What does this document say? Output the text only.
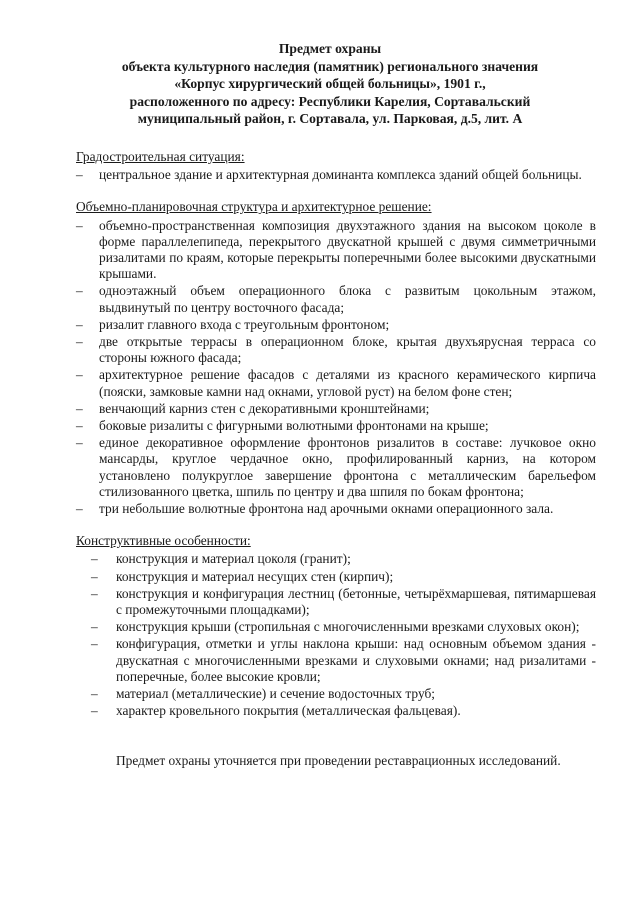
Предмет охраны
объекта культурного наследия (памятник) регионального значения
«Корпус хирургический общей больницы», 1901 г.,
расположенного по адресу: Республики Карелия, Сортавальский
муниципальный район, г. Сортавала, ул. Парковая, д.5, лит. А
Градостроительная ситуация:
– центральное здание и архитектурная доминанта комплекса зданий общей больницы.
Объемно-планировочная структура и архитектурное решение:
– объемно-пространственная композиция двухэтажного здания на высоком цоколе в форме параллелепипеда, перекрытого двускатной крышей с двумя симметричными ризалитами по краям, которые перекрыты поперечными более высокими двускатными крышами.
– одноэтажный объем операционного блока с развитым цокольным этажом, выдвинутый по центру восточного фасада;
– ризалит главного входа с треугольным фронтоном;
– две открытые террасы в операционном блоке, крытая двухъярусная терраса со стороны южного фасада;
– архитектурное решение фасадов с деталями из красного керамического кирпича (пояски, замковые камни над окнами, угловой руст) на белом фоне стен;
– венчающий карниз стен с декоративными кронштейнами;
– боковые ризалиты с фигурными волютными фронтонами на крыше;
– единое декоративное оформление фронтонов ризалитов в составе: лучковое окно мансарды, круглое чердачное окно, профилированный карниз, на котором установлено полукруглое завершение фронтона с металлическим барельефом стилизованного цветка, шпиль по центру и два шпиля по бокам фронтона;
– три небольшие волютные фронтона над арочными окнами операционного зала.
Конструктивные особенности:
– конструкция и материал цоколя (гранит);
– конструкция и материал несущих стен (кирпич);
– конструкция и конфигурация лестниц (бетонные, четырёхмаршевая, пятимаршевая с промежуточными площадками);
– конструкция крыши (стропильная с многочисленными врезками слуховых окон);
– конфигурация, отметки и углы наклона крыши: над основным объемом здания - двускатная с многочисленными врезками и слуховыми окнами; над ризалитами - поперечные, более высокие кровли;
– материал (металлические) и сечение водосточных труб;
– характер кровельного покрытия (металлическая фальцевая).
Предмет охраны уточняется при проведении реставрационных исследований.
